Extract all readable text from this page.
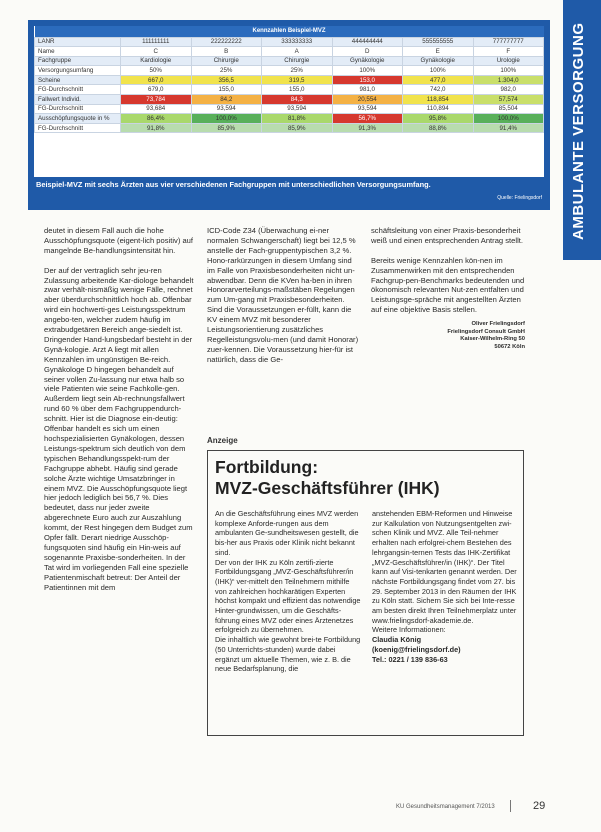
AMBULANTE VERSORGUNG
Kennzahlen Beispiel-MVZ						
LANR	111111111	222222222	333333333	444444444	555555555	777777777
Name	C	B	A	D	E	F
Fachgruppe	Kardiologie	Chirurgie	Chirurgie	Gynäkologie	Gynäkologie	Urologie
Versorgungsumfang	50%	25%	25%	100%	100%	100%
Scheine	667,0	356,5	319,5	153,0	477,0	1.304,0
FG-Durchschnitt	679,0	155,0	155,0	981,0	742,0	982,0
Fallwert Individ.	73,784	84,2	84,3	20,554	118,854	57,574
FG-Durchschnitt	93,684	93,594	93,594	93,594	110,894	85,504
Ausschöpfungsquote in %	86,4%	100,0%	81,8%	56,7%	95,8%	100,0%
FG-Durchschnitt	91,8%	85,9%	85,9%	91,3%	88,8%	91,4%
Beispiel-MVZ mit sechs Ärzten aus vier verschiedenen Fachgruppen mit unterschiedlichen Versorgungsumfang.
Quelle: Frielingsdorf

deutet in diesem Fall auch die hohe Ausschöpfungsquote (eigent-lich positiv) auf mangelnde Be-handlungsintensität hin.

Der auf der vertraglich sehr jeu-ren Zulassung arbeitende Kar-diologe behandelt zwar verhält-nismäßig wenige Fälle, rechnet aber überdurchschnittlich hoch ab. Offenbar wird ein hochwerti-ges Leistungsspektrum angebo-ten, welcher zudem häufig im extrabudgetären Bereich ange-siedelt ist. Dringender Hand-lungsbedarf besteht in der Gynä-kologie. Arzt A liegt mit allen Kennzahlen im ungünstigen Be-reich. Gynäkologe D hingegen behandelt auf seiner vollen Zu-lassung nur etwa halb so viele Patienten wie seine Fachkolle-gen. Außerdem liegt sein Ab-rechnungsfallwert rund 60 % über dem Fachgruppendurch-schnitt. Hier ist die Diagnose ein-deutig: Offenbar handelt es sich um einen hochspezialisierten Gynäkologen, dessen Leistungs-spektrum sich deutlich von dem typischen Behandlungsspekt-rum der Fachgruppe abhebt. Häufig sind gerade solche Ärzte wichtige Umsatzbringer in einem MVZ. Die Ausschöpfungsquote liegt hier jedoch lediglich bei 56,7 %. Dies bedeutet, dass nur jeder zweite abgerechnete Euro auch zur Auszahlung kommt, der Rest hingegen dem Budget zum Opfer fällt. Derart niedrige Ausschöp-fungsquoten sind häufig ein Hin-weis auf sogenannte Praxisbe-sonderheiten. In der Tat wird im vorliegenden Fall eine spezielle Patientenmischaft betreut: Der Anteil der Patientinnen mit dem

ICD-Code Z34 (Überwachung ei-ner normalen Schwangerschaft) liegt bei 12,5 % anstelle der Fach-gruppentypischen 3,2 %. Hono-rarkürzungen in diesem Umfang sind im Falle von Praxisbesonderheiten nicht un-abwendbar. Denn die KVen ha-ben in ihren Honorarverteilungs-maßstäben Regelungen zum Um-gang mit Praxisbesonderheiten. Sind die Voraussetzungen er-füllt, kann die KV einem MVZ mit besonderer Leistungsorientierung zusätzliches Regelleistungsvolu-men (und damit Honorar) zuer-kennen. Die Voraussetzung hier-für ist natürlich, dass die Ge-

schäftsleitung von einer Praxis-besonderheit weiß und einen entsprechenden Antrag stellt.

Bereits wenige Kennzahlen kön-nen im Zusammenwirken mit den entsprechenden Fachgrup-pen-Benchmarks bedeutenden und ökonomisch relevanten Nut-zen entfalten und Leistungsge-spräche mit angestellten Ärzten auf eine objektive Basis stellen.

Oliver Frielingsdorf
Frielingsdorf Consult GmbH
Kaiser-Wilhelm-Ring 50
50672 Köln
Anzeige
Fortbildung:
MVZ-Geschäftsführer (IHK)

An die Geschäftsführung eines MVZ werden komplexe Anforde-rungen aus dem ambulanten Ge-sundheitswesen gestellt, die bis-her aus Praxis oder Klinik nicht bekannt sind.

Der von der IHK zu Köln zertifi-zierte Fortbildungsgang „MVZ-Geschäftsführer/in (IHK)“ ver-mittelt den Teilnehmern mithilfe von zahlreichen hochkarätigen Experten höchst kompakt und effizient das notwendige Hinter-grundwissen, um die Geschäfts-führung eines MVZ oder eines Ärztenetzes erfolgreich zu übernehmen.

Die inhaltlich wie gewohnt brei-te Fortbildung (50 Unterrichts-stunden) wurde dabei ergänzt um aktuelle Themen, wie z. B. die neue Bedarfsplanung, die

anstehenden EBM-Reformen und Hinweise zur Kalkulation von Nutzungsentgelten zwi-schen Klinik und MVZ. Alle Teil-nehmer erhalten nach erfolgrei-chem Bestehen des lehrgangsin-ternen Tests das IHK-Zertifikat „MVZ-Geschäftsführer/in (IHK)“. Der Titel kann auf Visi-tenkarten genannt werden. Der nächste Fortbildungsgang findet vom 27. bis 29. September 2013 in den Räumen der IHK zu Köln statt. Sichern Sie sich bei Inte-resse am besten direkt Ihren Teilnehmerplatz unter www.frielingsdorf-akademie.de.

Weitere Informationen:

Claudia König

(koenig@frielingsdorf.de)

Tel.: 0221 / 139 836-63

KU Gesundheitsmanagement 7/2013	29
